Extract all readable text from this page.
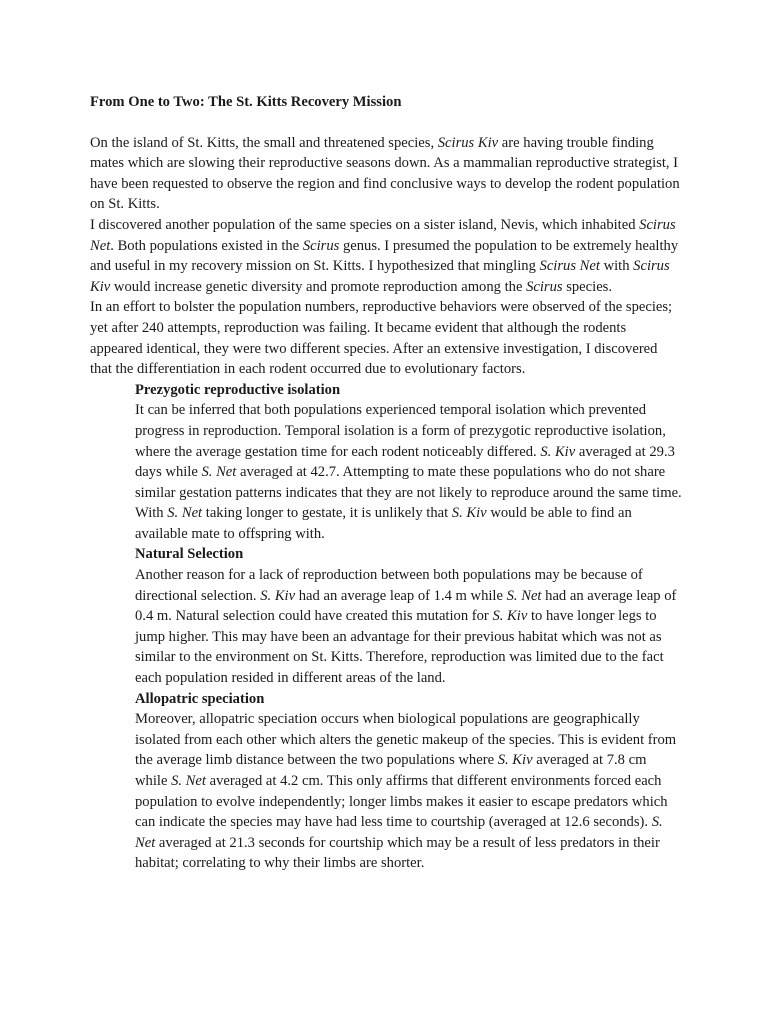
From One to Two: The St. Kitts Recovery Mission

On the island of St. Kitts, the small and threatened species, Scirus Kiv are having trouble finding mates which are slowing their reproductive seasons down. As a mammalian reproductive strategist, I have been requested to observe the region and find conclusive ways to develop the rodent population on St. Kitts.

I discovered another population of the same species on a sister island, Nevis, which inhabited Scirus Net. Both populations existed in the Scirus genus. I presumed the population to be extremely healthy and useful in my recovery mission on St. Kitts. I hypothesized that mingling Scirus Net with Scirus Kiv would increase genetic diversity and promote reproduction among the Scirus species.

In an effort to bolster the population numbers, reproductive behaviors were observed of the species; yet after 240 attempts, reproduction was failing. It became evident that although the rodents appeared identical, they were two different species. After an extensive investigation, I discovered that the differentiation in each rodent occurred due to evolutionary factors.

Prezygotic reproductive isolation

It can be inferred that both populations experienced temporal isolation which prevented progress in reproduction. Temporal isolation is a form of prezygotic reproductive isolation, where the average gestation time for each rodent noticeably differed. S. Kiv averaged at 29.3 days while S. Net averaged at 42.7. Attempting to mate these populations who do not share similar gestation patterns indicates that they are not likely to reproduce around the same time. With S. Net taking longer to gestate, it is unlikely that S. Kiv would be able to find an available mate to offspring with.

Natural Selection

Another reason for a lack of reproduction between both populations may be because of directional selection. S. Kiv had an average leap of 1.4 m while S. Net had an average leap of 0.4 m. Natural selection could have created this mutation for S. Kiv to have longer legs to jump higher. This may have been an advantage for their previous habitat which was not as similar to the environment on St. Kitts. Therefore, reproduction was limited due to the fact each population resided in different areas of the land.

Allopatric speciation

Moreover, allopatric speciation occurs when biological populations are geographically isolated from each other which alters the genetic makeup of the species. This is evident from the average limb distance between the two populations where S. Kiv averaged at 7.8 cm while S. Net averaged at 4.2 cm. This only affirms that different environments forced each population to evolve independently; longer limbs makes it easier to escape predators which can indicate the species may have had less time to courtship (averaged at 12.6 seconds). S. Net averaged at 21.3 seconds for courtship which may be a result of less predators in their habitat; correlating to why their limbs are shorter.
